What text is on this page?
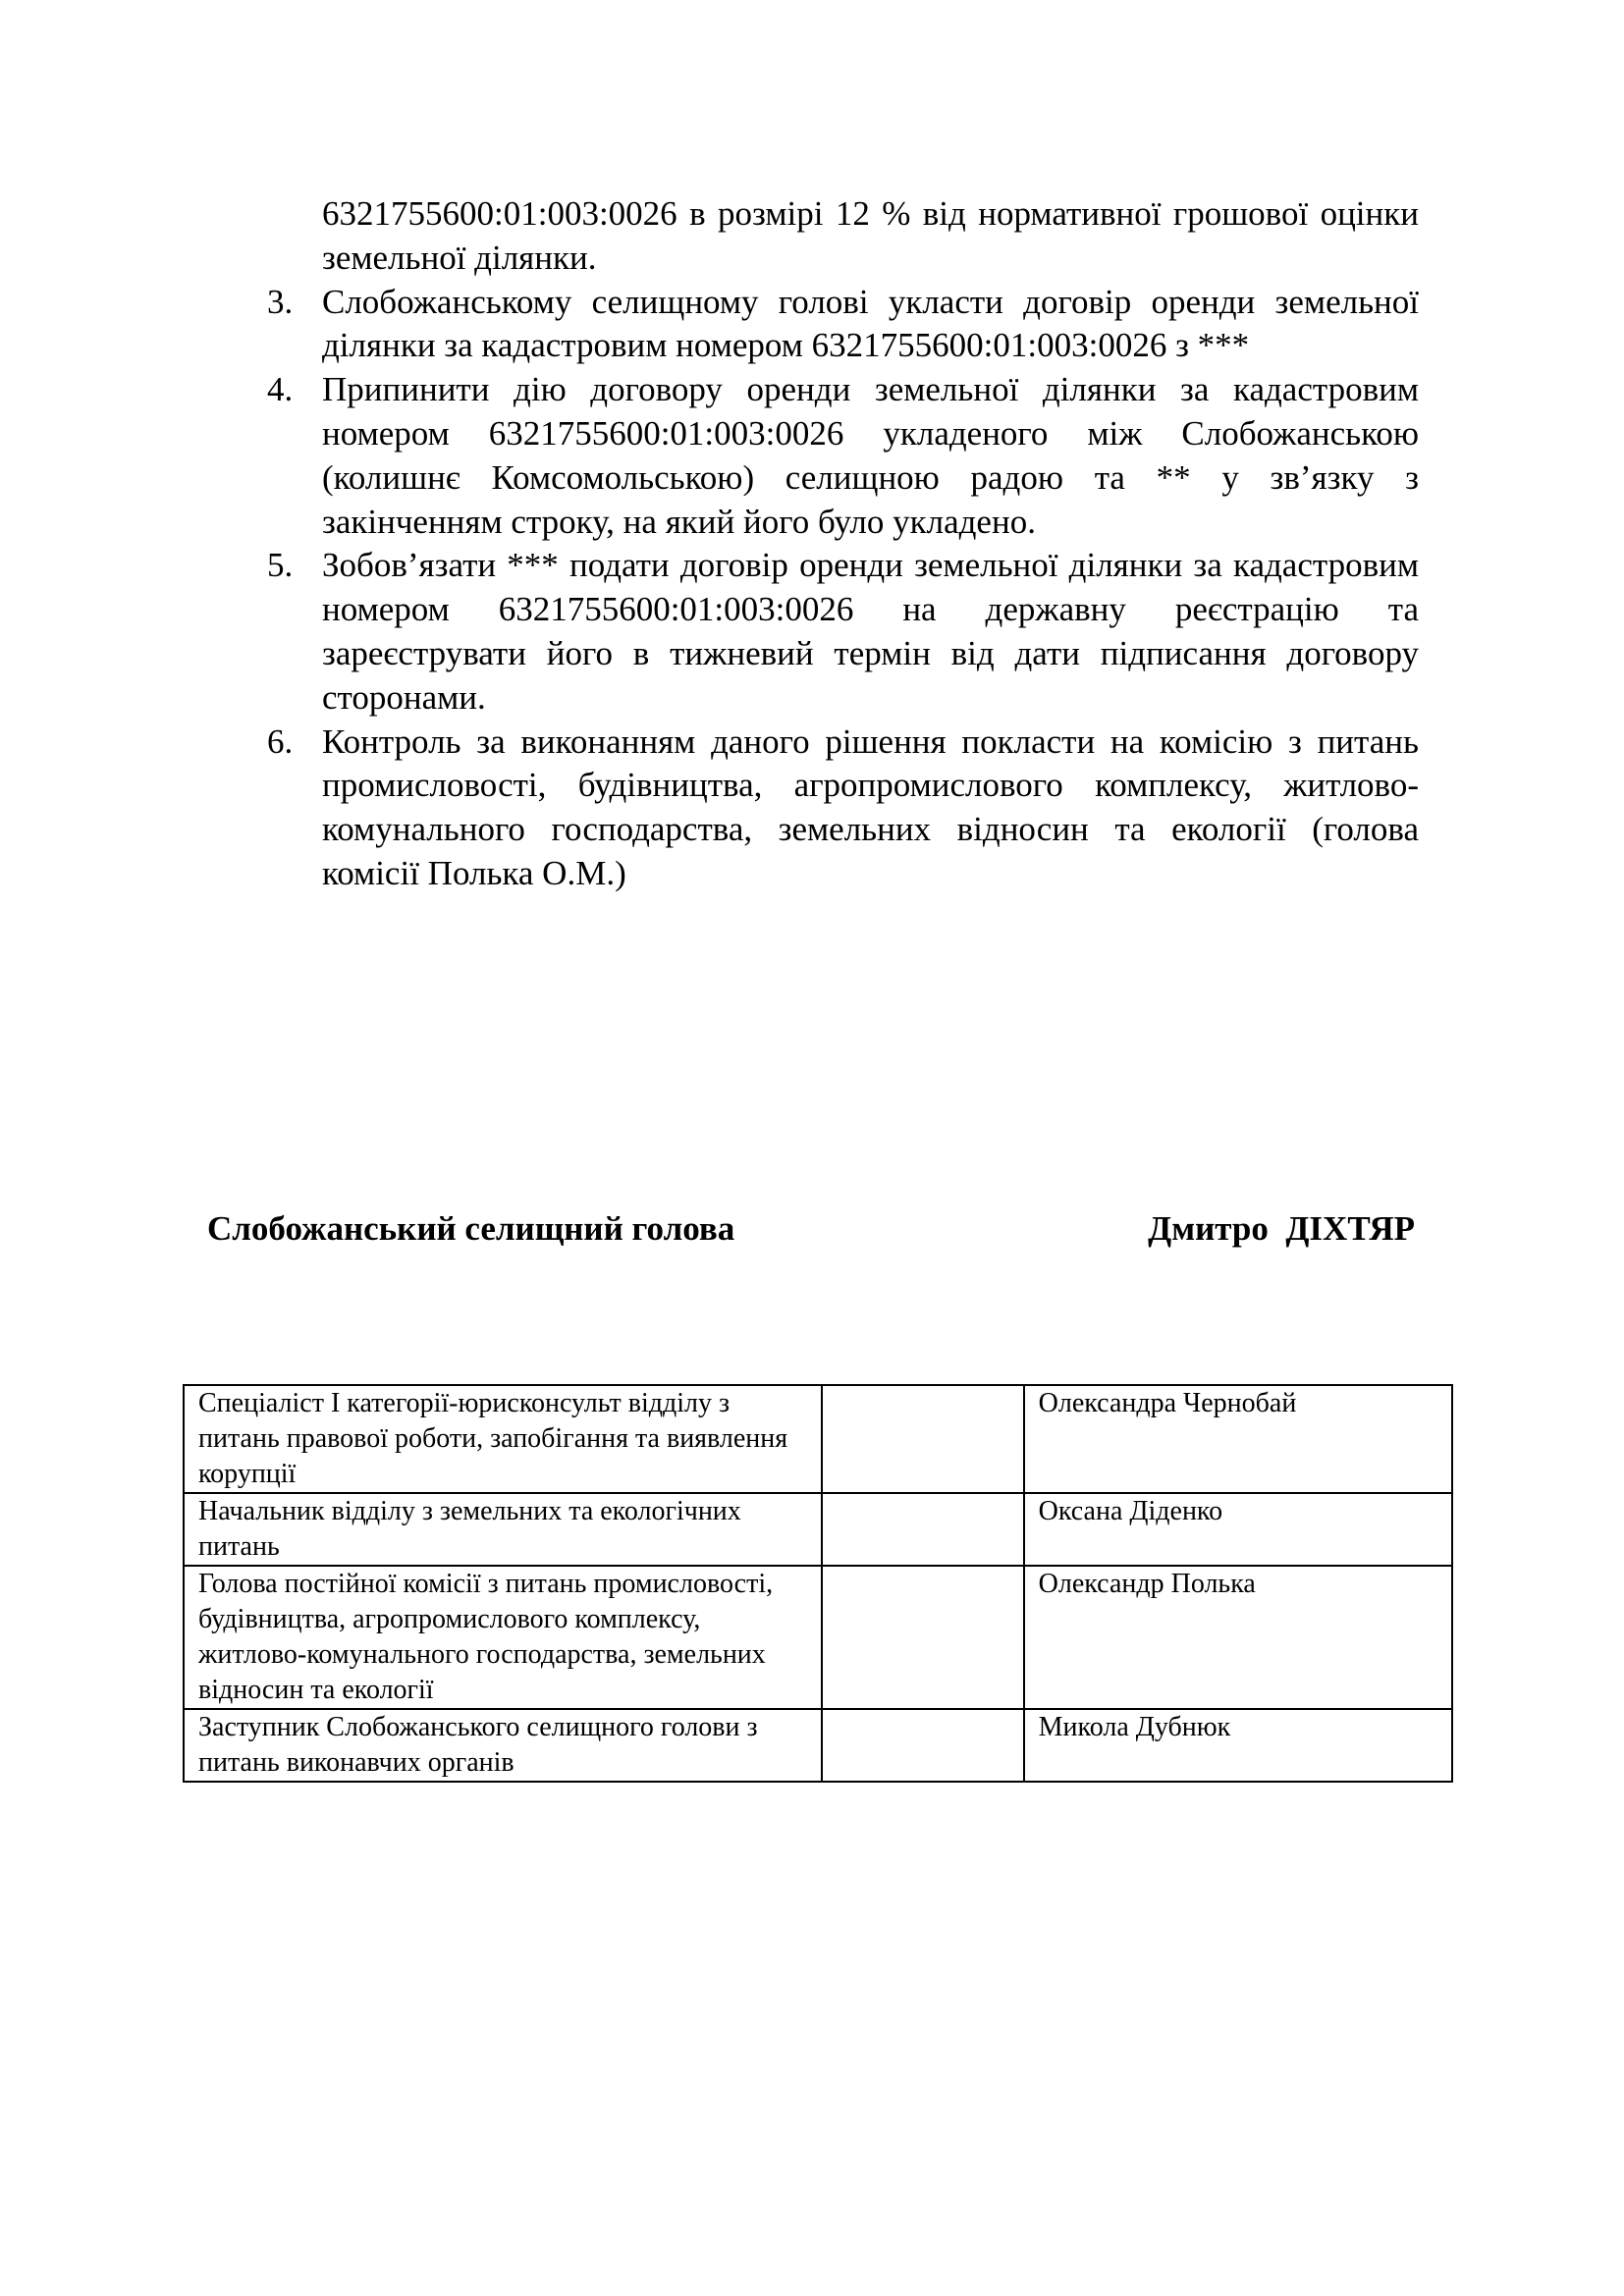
6321755600:01:003:0026 в розмірі 12 % від нормативної грошової оцінки земельної ділянки.

3. Слобожанському селищному голові укласти договір оренди земельної ділянки за кадастровим номером 6321755600:01:003:0026 з ***
4. Припинити дію договору оренди земельної ділянки за кадастровим номером 6321755600:01:003:0026 укладеного між Слобожанською (колишнє Комсомольською) селищною радою та ** у зв’язку з закінченням строку, на який його було укладено.
5. Зобов’язати *** подати договір оренди земельної ділянки за кадастровим номером 6321755600:01:003:0026 на державну реєстрацію та зареєструвати його в тижневий термін від дати підписання договору сторонами.
6. Контроль за виконанням даного рішення покласти на комісію з питань промисловості, будівництва, агропромислового комплексу, житлово-комунального господарства, земельних відносин та екології (голова комісії Полька О.М.)
Слобожанський селищний голова	Дмитро  ДІХТЯР
Спеціаліст І категорії-юрисконсульт відділу з питань правової роботи, запобігання та виявлення корупції		Олександра Чернобай
Начальник відділу з земельних та екологічних питань		Оксана Діденко
Голова постійної комісії з питань промисловості, будівництва, агропромислового комплексу, житлово-комунального господарства, земельних відносин та екології		Олександр Полька
Заступник Слобожанського селищного голови з питань виконавчих органів		Микола Дубнюк
